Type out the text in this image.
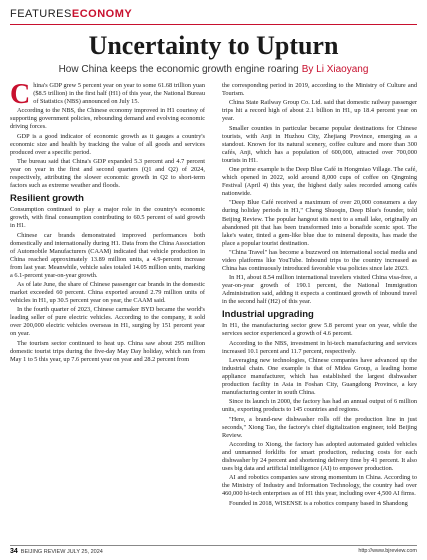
FEATURESECONOMY
Uncertainty to Upturn
How China keeps the economic growth engine roaring By Li Xiaoyang

China's GDP grew 5 percent year on year to some 61.68 trillion yuan ($8.5 trillion) in the first half (H1) of this year, the National Bureau of Statistics (NBS) announced on July 15.

According to the NBS, the Chinese economy improved in H1 courtesy of supporting government policies, rebounding demand and evolving economic driving forces.

GDP is a good indicator of economic growth as it gauges a country's economic size and health by tracking the value of all goods and services produced over a specific period.

The bureau said that China's GDP expanded 5.3 percent and 4.7 percent year on year in the first and second quarters (Q1 and Q2) of 2024, respectively, attributing the slower economic growth in Q2 to short-term factors such as extreme weather and floods.

Resilient growth

Consumption continued to play a major role in the country's economic growth, with final consumption contributing to 60.5 percent of said growth in H1.

Chinese car brands demonstrated improved performances both domestically and internationally during H1. Data from the China Association of Automobile Manufacturers (CAAM) indicated that vehicle production in China reached approximately 13.89 million units, a 4.9-percent increase from last year. Meanwhile, vehicle sales totaled 14.05 million units, marking a 6.1-percent year-on-year growth.

As of late June, the share of Chinese passenger car brands in the domestic market exceeded 60 percent. China exported around 2.79 million units of vehicles in H1, up 30.5 percent year on year, the CAAM said.

In the fourth quarter of 2023, Chinese carmaker BYD became the world's leading seller of pure electric vehicles. According to the company, it sold over 200,000 electric vehicles overseas in H1, surging by 151 percent year on year.

The tourism sector continued to heat up. China saw about 295 million domestic tourist trips during the five-day May Day holiday, which ran from May 1 to 5 this year, up 7.6 percent year on year and 28.2 percent from

the corresponding period in 2019, according to the Ministry of Culture and Tourism.

China State Railway Group Co. Ltd. said that domestic railway passenger trips hit a record high of about 2.1 billion in H1, up 18.4 percent year on year.

Smaller counties in particular became popular destinations for Chinese tourists, with Anji in Huzhou City, Zhejiang Province, emerging as a standout. Known for its natural scenery, coffee culture and more than 300 cafés, Anji, which has a population of 600,000, attracted over 700,000 tourists in H1.

One prime example is the Deep Blue Café in Hongmiao Village. The café, which opened in 2022, sold around 8,000 cups of coffee on Qingming Festival (April 4) this year, the highest daily sales recorded among cafés nationwide.

"Deep Blue Café received a maximum of over 20,000 consumers a day during holiday periods in H1," Cheng Shuoqin, Deep Blue's founder, told Beijing Review. The popular hangout sits next to a small lake, originally an abandoned pit that has been transformed into a bonafide scenic spot. The lake's water, tinted a gem-like blue due to mineral deposits, has made the place a popular tourist destination.

"China Travel" has become a buzzword on international social media and video platforms like YouTube. Inbound trips to the country increased as China has continuously introduced favorable visa policies since late 2023.

In H1, about 8.54 million international travelers visited China visa-free, a year-on-year growth of 190.1 percent, the National Immigration Administration said, adding it expects a continued growth of inbound travel in the second half (H2) of this year.

Industrial upgrading

In H1, the manufacturing sector grew 5.8 percent year on year, while the services sector experienced a growth of 4.6 percent.

According to the NBS, investment in hi-tech manufacturing and services increased 10.1 percent and 11.7 percent, respectively.

Leveraging new technologies, Chinese companies have advanced up the industrial chain. One example is that of Midea Group, a leading home appliance manufacturer, which has established the largest dishwasher production facility in Asia in Foshan City, Guangdong Province, a key manufacturing center in south China.

Since its launch in 2000, the factory has had an annual output of 6 million units, exporting products to 145 countries and regions.

"Here, a brand-new dishwasher rolls off the production line in just seconds," Xiong Tao, the factory's chief digitalization engineer, told Beijing Review.

According to Xiong, the factory has adopted automated guided vehicles and unmanned forklifts for smart production, reducing costs for each dishwasher by 24 percent and shortening delivery time by 41 percent. It also uses big data and artificial intelligence (AI) to empower production.

AI and robotics companies saw strong momentum in China. According to the Ministry of Industry and Information Technology, the country had over 460,000 hi-tech enterprises as of H1 this year, including over 4,500 AI firms.

Founded in 2018, WISENSE is a robotics company based in Shandong

34 BEIJING REVIEW JULY 25, 2024	http://www.bjreview.com
